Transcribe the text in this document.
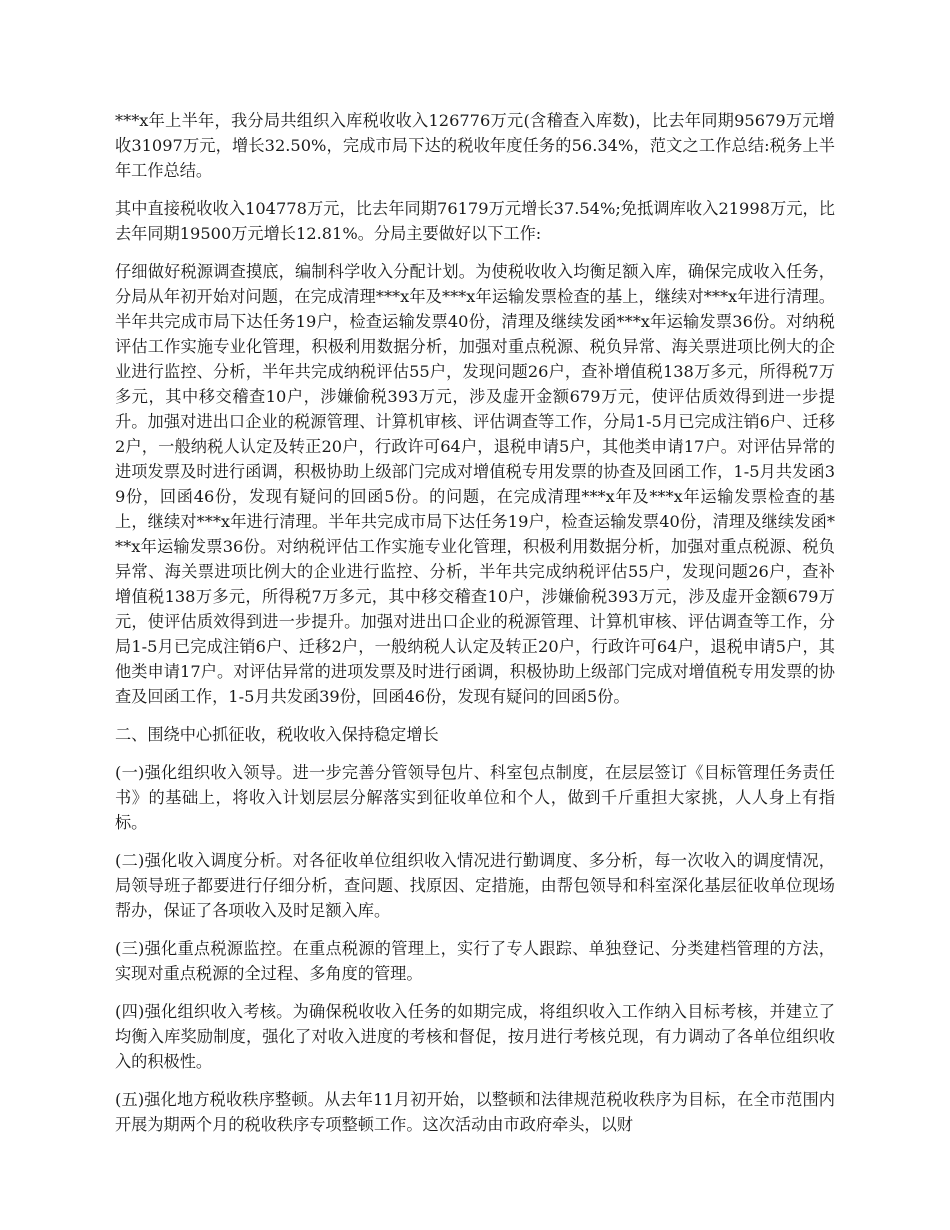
***x年上半年，我分局共组织入库税收收入126776万元(含稽查入库数)，比去年同期95679万元增收31097万元，增长32.50%，完成市局下达的税收年度任务的56.34%，范文之工作总结:税务上半年工作总结。

其中直接税收收入104778万元，比去年同期76179万元增长37.54%;免抵调库收入21998万元，比去年同期19500万元增长12.81%。分局主要做好以下工作:

仔细做好税源调查摸底，编制科学收入分配计划。为使税收收入均衡足额入库，确保完成收入任务，分局从年初开始对问题，在完成清理***x年及***x年运输发票检查的基上，继续对***x年进行清理。半年共完成市局下达任务19户，检查运输发票40份，清理及继续发函***x年运输发票36份。对纳税评估工作实施专业化管理，积极利用数据分析，加强对重点税源、税负异常、海关票进项比例大的企业进行监控、分析，半年共完成纳税评估55户，发现问题26户，查补增值税138万多元，所得税7万多元，其中移交稽查10户，涉嫌偷税393万元，涉及虚开金额679万元，使评估质效得到进一步提升。加强对进出口企业的税源管理、计算机审核、评估调查等工作，分局1-5月已完成注销6户、迁移2户，一般纳税人认定及转正20户，行政许可64户，退税申请5户，其他类申请17户。对评估异常的进项发票及时进行函调，积极协助上级部门完成对增值税专用发票的协查及回函工作，1-5月共发函39份，回函46份，发现有疑问的回函5份。的问题，在完成清理***x年及***x年运输发票检查的基上，继续对***x年进行清理。半年共完成市局下达任务19户，检查运输发票40份，清理及继续发函***x年运输发票36份。对纳税评估工作实施专业化管理，积极利用数据分析，加强对重点税源、税负异常、海关票进项比例大的企业进行监控、分析，半年共完成纳税评估55户，发现问题26户，查补增值税138万多元，所得税7万多元，其中移交稽查10户，涉嫌偷税393万元，涉及虚开金额679万元，使评估质效得到进一步提升。加强对进出口企业的税源管理、计算机审核、评估调查等工作，分局1-5月已完成注销6户、迁移2户，一般纳税人认定及转正20户，行政许可64户，退税申请5户，其他类申请17户。对评估异常的进项发票及时进行函调，积极协助上级部门完成对增值税专用发票的协查及回函工作，1-5月共发函39份，回函46份，发现有疑问的回函5份。

二、围绕中心抓征收，税收收入保持稳定增长

(一)强化组织收入领导。进一步完善分管领导包片、科室包点制度，在层层签订《目标管理任务责任书》的基础上，将收入计划层层分解落实到征收单位和个人，做到千斤重担大家挑，人人身上有指标。

(二)强化收入调度分析。对各征收单位组织收入情况进行勤调度、多分析，每一次收入的调度情况，局领导班子都要进行仔细分析，查问题、找原因、定措施，由帮包领导和科室深化基层征收单位现场帮办，保证了各项收入及时足额入库。

(三)强化重点税源监控。在重点税源的管理上，实行了专人跟踪、单独登记、分类建档管理的方法，实现对重点税源的全过程、多角度的管理。

(四)强化组织收入考核。为确保税收收入任务的如期完成，将组织收入工作纳入目标考核，并建立了均衡入库奖励制度，强化了对收入进度的考核和督促，按月进行考核兑现，有力调动了各单位组织收入的积极性。

(五)强化地方税收秩序整顿。从去年11月初开始，以整顿和法律规范税收秩序为目标，在全市范围内开展为期两个月的税收秩序专项整顿工作。这次活动由市政府牵头，以财
